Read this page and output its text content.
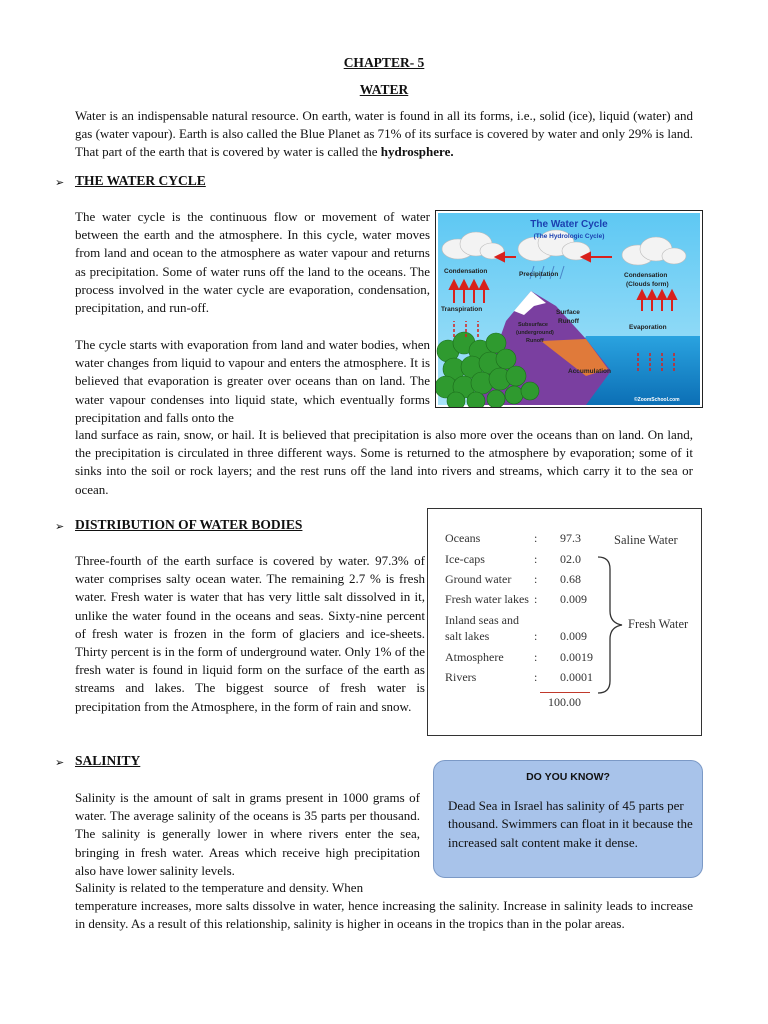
CHAPTER- 5
WATER

Water is an indispensable natural resource. On earth, water is found in all its forms, i.e., solid (ice), liquid (water) and gas (water vapour). Earth is also called the Blue Planet as 71% of its surface is covered by water and only 29% is land. That part of the earth that is covered by water is called the hydrosphere.

➢ THE WATER CYCLE

The water cycle is the continuous flow or movement of water between the earth and the atmosphere. In this cycle, water moves from land and ocean to the atmosphere as water vapour and returns as precipitation. Some of water runs off the land to the oceans. The process involved in the water cycle are evaporation, condensation, precipitation, and run-off.

The cycle starts with evaporation from land and water bodies, when water changes from liquid to vapour and enters the atmosphere. It is believed that evaporation is greater over oceans than on land. The water vapour condenses into liquid state, which eventually forms precipitation and falls onto the

land surface as rain, snow, or hail. It is believed that precipitation is also more over the oceans than on land. On land, the precipitation is circulated in three different ways. Some is returned to the atmosphere by evaporation; some of it sinks into the soil or rock layers; and the rest runs off the land into rivers and streams, which carry it to the sea or ocean.

The Water Cycle
(The Hydrologic Cycle)
Condensation	Precipitation	Condensation
(Clouds form)
Transpiration	Surface
Runoff
Subsurface
(underground)
Runoff
Evaporation
Accumulation
©ZoomSchool.com
➢ DISTRIBUTION OF WATER BODIES

Three-fourth of the earth surface is covered by water. 97.3% of water comprises salty ocean water. The remaining 2.7 % is fresh water. Fresh water is water that has very little salt dissolved in it, unlike the water found in the oceans and seas. Sixty-nine percent of fresh water is frozen in the form of glaciers and ice-sheets. Thirty percent is in the form of underground water. Only 1% of the fresh water is found in liquid form on the surface of the earth as streams and lakes. The biggest source of fresh water is precipitation from the Atmosphere, in the form of rain and snow.

Oceans	: 97.3
Ice-caps	: 02.0
Ground water : 0.68
Fresh water lakes : 0.009
Inland seas and
salt lakes	: 0.009
Atmosphere	: 0.0019
Rivers	: 0.0001
Saline Water
Fresh Water
100.00
➢ SALINITY

Salinity is the amount of salt in grams present in 1000 grams of water. The average salinity of the oceans is 35 parts per thousand. The salinity is generally lower in where rivers enter the sea, bringing in fresh water. Areas which receive high precipitation also have lower salinity levels.

Salinity is related to the temperature and density. When

temperature increases, more salts dissolve in water, hence increasing the salinity. Increase in salinity leads to increase in density. As a result of this relationship, salinity is higher in oceans in the tropics than in the polar areas.

DO YOU KNOW?
Dead Sea in Israel has salinity of 45 parts per thousand. Swimmers can float in it because the increased salt content make it dense.
